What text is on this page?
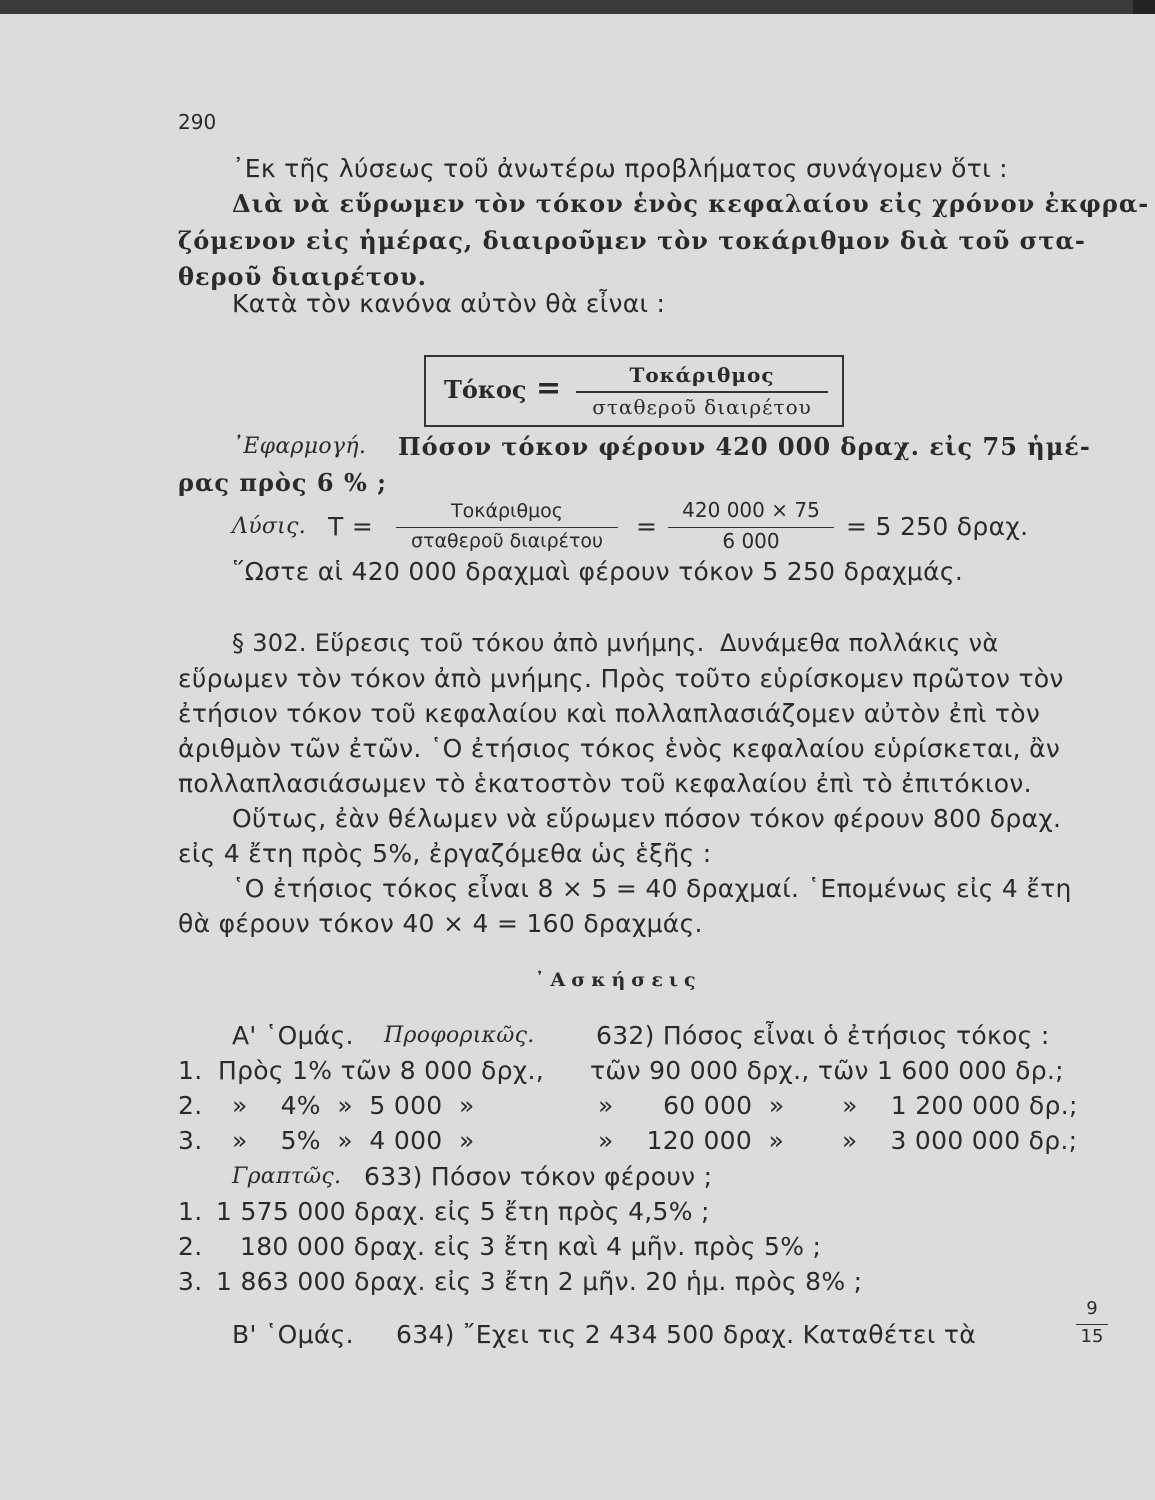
290
᾿Εκ τῆς λύσεως τοῦ ἀνωτέρω προβλήματος συνάγομεν ὅτι :
Διὰ νὰ εὕρωμεν τὸν τόκον ἑνὸς κεφαλαίου εἰς χρόνον ἐκφρα-
ζόμενον εἰς ἡμέρας, διαιροῦμεν τὸν τοκάριθμον διὰ τοῦ στα-
θεροῦ διαιρέτου.
Κατὰ τὸν κανόνα αὐτὸν θὰ εἶναι :
Τόκος =	Τοκάριθμος
σταθεροῦ διαιρέτου
᾿Εφαρμογή. Πόσον τόκον φέρουν 420 000 δραχ. εἰς 75 ἡμέ-
ρας πρὸς 6 % ;
Λύσις. Τ =
Τοκάριθμος
σταθεροῦ διαιρέτου	=
420 000 × 75
6 000	= 5 250 δραχ.
῞Ωστε αἱ 420 000 δραχμαὶ φέρουν τόκον 5 250 δραχμάς.
§ 302. Εὕρεσις τοῦ τόκου ἀπὸ μνήμης. Δυνάμεθα πολλάκις νὰ
εὕρωμεν τὸν τόκον ἀπὸ μνήμης. Πρὸς τοῦτο εὑρίσκομεν πρῶτον τὸν
ἐτήσιον τόκον τοῦ κεφαλαίου καὶ πολλαπλασιάζομεν αὐτὸν ἐπὶ τὸν
ἀριθμὸν τῶν ἐτῶν. ῾Ο ἐτήσιος τόκος ἑνὸς κεφαλαίου εὑρίσκεται, ἂν
πολλαπλασιάσωμεν τὸ ἑκατοστὸν τοῦ κεφαλαίου ἐπὶ τὸ ἐπιτόκιον.
Οὕτως, ἐὰν θέλωμεν νὰ εὕρωμεν πόσον τόκον φέρουν 800 δραχ.
εἰς 4 ἔτη πρὸς 5%, ἐργαζόμεθα ὡς ἑξῆς :
῾Ο ἐτήσιος τόκος εἶναι 8 × 5 = 40 δραχμαί. ῾Επομένως εἰς 4 ἔτη
θὰ φέρουν τόκον 40 × 4 = 160 δραχμάς.
᾿Ασκήσεις
Α' ῾Ομάς. Προφορικῶς. 632) Πόσος εἶναι ὁ ἐτήσιος τόκος :
1. Πρὸς 1% τῶν 8 000 δρχ., τῶν 90 000 δρχ., τῶν 1 600 000 δρ.;
2. »    4%  »  5 000  »	»      60 000  »       »    1 200 000 δρ.;
3. »    5%  »  4 000  »	»    120 000  »       »    3 000 000 δρ.;
Γραπτῶς. 633) Πόσον τόκον φέρουν ;
1. 1 575 000 δραχ. εἰς 5 ἔτη πρὸς 4,5% ;
2. 180 000 δραχ. εἰς 3 ἔτη καὶ 4 μῆν. πρὸς 5% ;
3. 1 863 000 δραχ. εἰς 3 ἔτη 2 μῆν. 20 ἡμ. πρὸς 8% ;
Β' ῾Ομάς. 634) ῎Εχει τις 2 434 500 δραχ. Καταθέτει τὰ
9
15
